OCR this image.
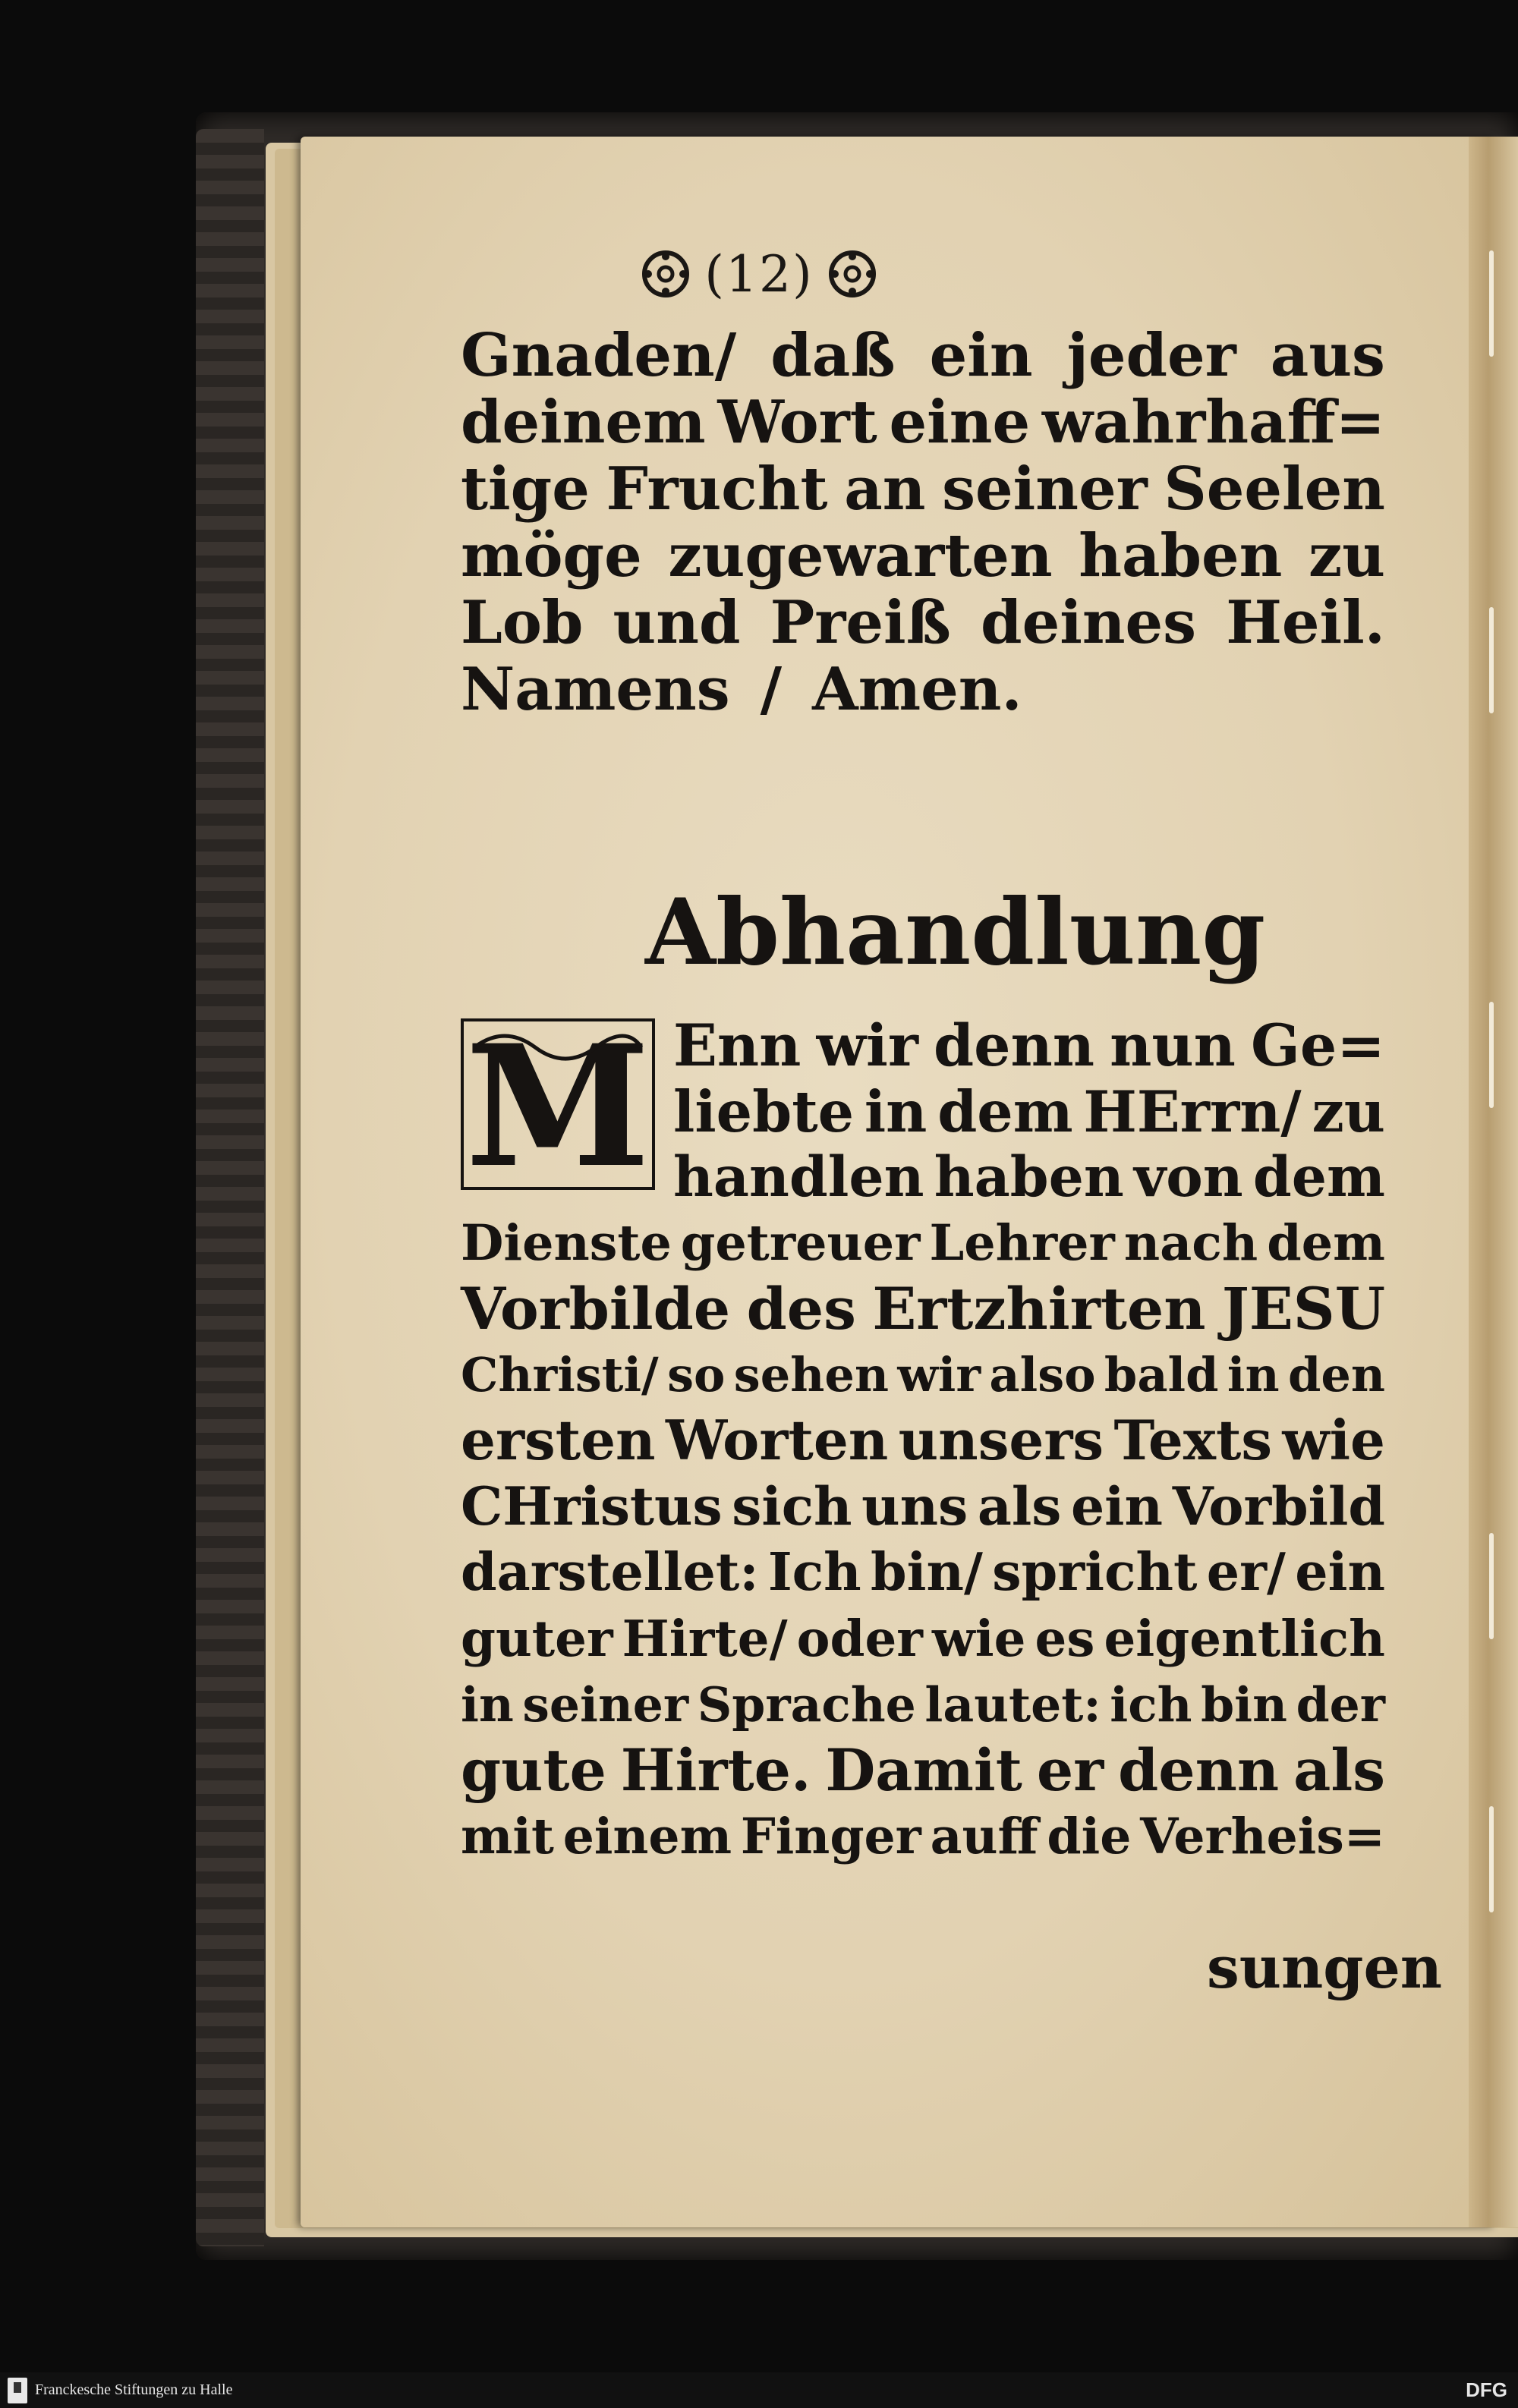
(12)
Gnaden/ daß ein jeder aus
deinem Wort eine wahrhaff=
tige Frucht an seiner Seelen
möge zugewarten haben zu
Lob und Preiß deines Heil.
Namens / Amen.
Abhandlung
M Enn wir denn nun Ge=
liebte in dem HErrn/ zu
handlen haben von dem
Dienste getreuer Lehrer nach dem
Vorbilde des Ertzhirten JESU
Christi/ so sehen wir also bald in den
ersten Worten unsers Texts wie
CHristus sich uns als ein Vorbild
darstellet: Ich bin/ spricht er/ ein
guter Hirte/ oder wie es eigentlich
in seiner Sprache lautet: ich bin der
gute Hirte. Damit er denn als
mit einem Finger auff die Verheis=
sungen
Franckesche Stiftungen zu Halle	DFG
